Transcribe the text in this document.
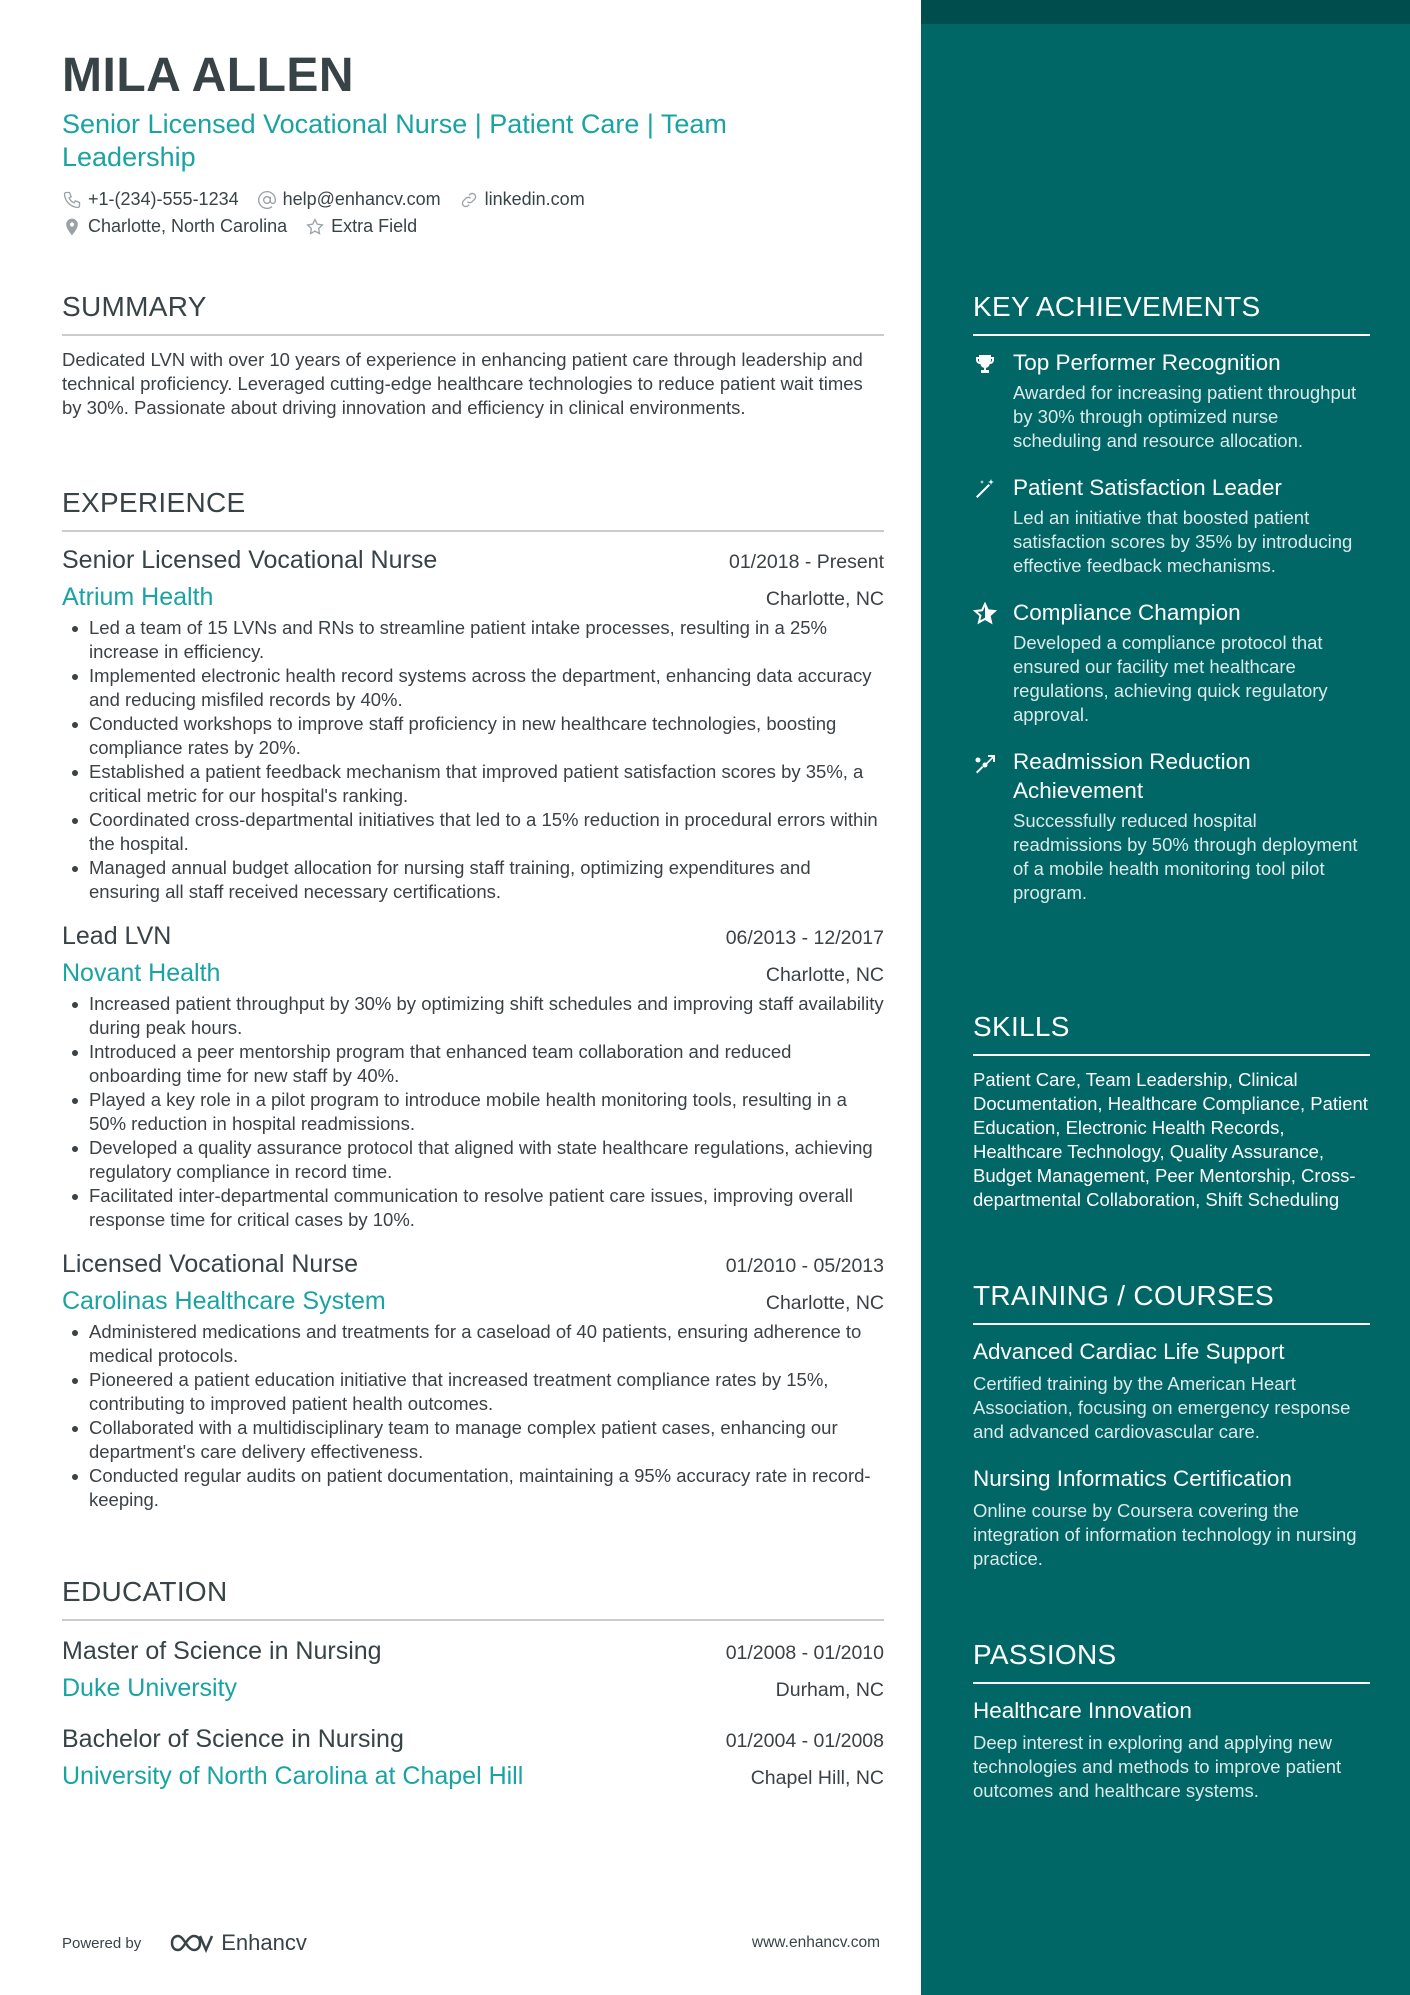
MILA ALLEN
Senior Licensed Vocational Nurse | Patient Care | Team Leadership
+1-(234)-555-1234 help@enhancv.com linkedin.com
Charlotte, North Carolina Extra Field
SUMMARY
Dedicated LVN with over 10 years of experience in enhancing patient care through leadership and technical proficiency. Leveraged cutting-edge healthcare technologies to reduce patient wait times by 30%. Passionate about driving innovation and efficiency in clinical environments.
EXPERIENCE
Senior Licensed Vocational Nurse	01/2018 - Present
Atrium Health	Charlotte, NC
Led a team of 15 LVNs and RNs to streamline patient intake processes, resulting in a 25% increase in efficiency.
Implemented electronic health record systems across the department, enhancing data accuracy and reducing misfiled records by 40%.
Conducted workshops to improve staff proficiency in new healthcare technologies, boosting compliance rates by 20%.
Established a patient feedback mechanism that improved patient satisfaction scores by 35%, a critical metric for our hospital's ranking.
Coordinated cross-departmental initiatives that led to a 15% reduction in procedural errors within the hospital.
Managed annual budget allocation for nursing staff training, optimizing expenditures and ensuring all staff received necessary certifications.
Lead LVN	06/2013 - 12/2017
Novant Health	Charlotte, NC
Increased patient throughput by 30% by optimizing shift schedules and improving staff availability during peak hours.
Introduced a peer mentorship program that enhanced team collaboration and reduced onboarding time for new staff by 40%.
Played a key role in a pilot program to introduce mobile health monitoring tools, resulting in a 50% reduction in hospital readmissions.
Developed a quality assurance protocol that aligned with state healthcare regulations, achieving regulatory compliance in record time.
Facilitated inter-departmental communication to resolve patient care issues, improving overall response time for critical cases by 10%.
Licensed Vocational Nurse	01/2010 - 05/2013
Carolinas Healthcare System	Charlotte, NC
Administered medications and treatments for a caseload of 40 patients, ensuring adherence to medical protocols.
Pioneered a patient education initiative that increased treatment compliance rates by 15%, contributing to improved patient health outcomes.
Collaborated with a multidisciplinary team to manage complex patient cases, enhancing our department's care delivery effectiveness.
Conducted regular audits on patient documentation, maintaining a 95% accuracy rate in record-keeping.
EDUCATION
Master of Science in Nursing	01/2008 - 01/2010
Duke University	Durham, NC
Bachelor of Science in Nursing	01/2004 - 01/2008
University of North Carolina at Chapel Hill	Chapel Hill, NC
Powered by	Enhancv	www.enhancv.com
KEY ACHIEVEMENTS
Top Performer Recognition
Awarded for increasing patient throughput by 30% through optimized nurse scheduling and resource allocation.
Patient Satisfaction Leader
Led an initiative that boosted patient satisfaction scores by 35% by introducing effective feedback mechanisms.
Compliance Champion
Developed a compliance protocol that ensured our facility met healthcare regulations, achieving quick regulatory approval.
Readmission Reduction Achievement
Successfully reduced hospital readmissions by 50% through deployment of a mobile health monitoring tool pilot program.
SKILLS
Patient Care, Team Leadership, Clinical Documentation, Healthcare Compliance, Patient Education, Electronic Health Records, Healthcare Technology, Quality Assurance, Budget Management, Peer Mentorship, Cross-departmental Collaboration, Shift Scheduling
TRAINING / COURSES
Advanced Cardiac Life Support
Certified training by the American Heart Association, focusing on emergency response and advanced cardiovascular care.
Nursing Informatics Certification
Online course by Coursera covering the integration of information technology in nursing practice.
PASSIONS
Healthcare Innovation
Deep interest in exploring and applying new technologies and methods to improve patient outcomes and healthcare systems.
